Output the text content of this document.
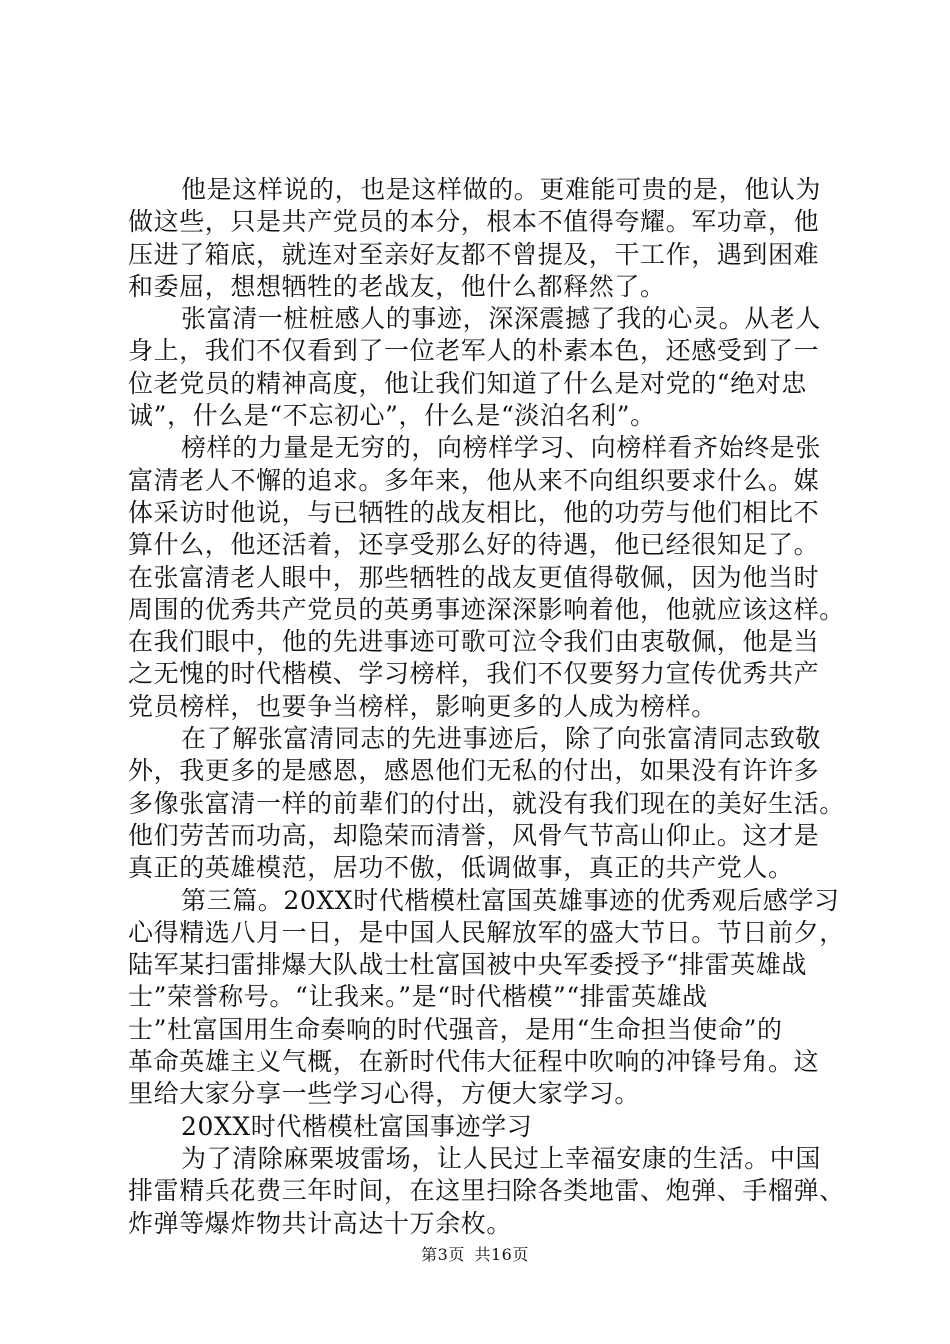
他是这样说的，也是这样做的。更难能可贵的是，他认为
做这些，只是共产党员的本分，根本不值得夸耀。军功章，他
压进了箱底，就连对至亲好友都不曾提及，干工作，遇到困难
和委屈，想想牺牲的老战友，他什么都释然了。
张富清一桩桩感人的事迹，深深震撼了我的心灵。从老人
身上，我们不仅看到了一位老军人的朴素本色，还感受到了一
位老党员的精神高度，他让我们知道了什么是对党的“绝对忠
诚”，什么是“不忘初心”，什么是“淡泊名利”。
榜样的力量是无穷的，向榜样学习、向榜样看齐始终是张
富清老人不懈的追求。多年来，他从来不向组织要求什么。媒
体采访时他说，与已牺牲的战友相比，他的功劳与他们相比不
算什么，他还活着，还享受那么好的待遇，他已经很知足了。
在张富清老人眼中，那些牺牲的战友更值得敬佩，因为他当时
周围的优秀共产党员的英勇事迹深深影响着他，他就应该这样。
在我们眼中，他的先进事迹可歌可泣令我们由衷敬佩，他是当
之无愧的时代楷模、学习榜样，我们不仅要努力宣传优秀共产
党员榜样，也要争当榜样，影响更多的人成为榜样。
在了解张富清同志的先进事迹后，除了向张富清同志致敬
外，我更多的是感恩，感恩他们无私的付出，如果没有许许多
多像张富清一样的前辈们的付出，就没有我们现在的美好生活。
他们劳苦而功高，却隐荣而清誉，风骨气节高山仰止。这才是
真正的英雄模范，居功不傲，低调做事，真正的共产党人。
第三篇。20XX时代楷模杜富国英雄事迹的优秀观后感学习
心得精选八月一日，是中国人民解放军的盛大节日。节日前夕，
陆军某扫雷排爆大队战士杜富国被中央军委授予“排雷英雄战
士”荣誉称号。“让我来。”是“时代楷模”“排雷英雄战
士”杜富国用生命奏响的时代强音，是用“生命担当使命”的
革命英雄主义气概，在新时代伟大征程中吹响的冲锋号角。这
里给大家分享一些学习心得，方便大家学习。
20XX时代楷模杜富国事迹学习
为了清除麻栗坡雷场，让人民过上幸福安康的生活。中国
排雷精兵花费三年时间，在这里扫除各类地雷、炮弹、手榴弹、
炸弹等爆炸物共计高达十万余枚。
第3页 共16页
